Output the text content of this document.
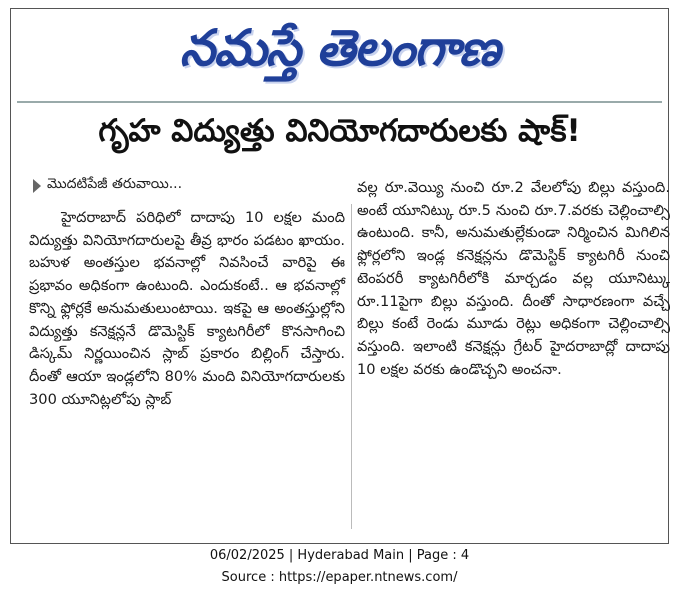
నమస్తే తెలంగాణ
గృహ విద్యుత్తు వినియోగదారులకు షాక్!
మొదటిపేజీ తరువాయి...

హైదరాబాద్ పరిధిలో దాదాపు 10 లక్షల మంది విద్యుత్తు వినియోగదారులపై తీవ్ర భారం పడటం ఖాయం. బహుళ అంతస్తుల భవనాల్లో నివసించే వారిపై ఈ ప్రభావం అధికంగా ఉంటుంది. ఎందుకంటే.. ఆ భవనాల్లో కొన్ని ఫ్లోర్లకే అనుమతులుంటాయి. ఇకపై ఆ అంతస్తుల్లోని విద్యుత్తు కనెక్షన్లనే డొమెస్టిక్ క్యాటగిరీలో కొనసాగించి డిస్కమ్ నిర్ణయించిన స్లాబ్ ప్రకారం బిల్లింగ్ చేస్తారు. దీంతో ఆయా ఇండ్లలోని 80% మంది వినియోగదారులకు 300 యూనిట్లలోపు స్లాబ్

వల్ల రూ.వెయ్యి నుంచి రూ.2 వేలలోపు బిల్లు వస్తుంది. అంటే యూనిట్కు రూ.5 నుంచి రూ.7.వరకు చెల్లించాల్సి ఉంటుంది. కానీ, అనుమతుల్లేకుండా నిర్మించిన మిగిలిన ఫ్లోర్లలోని ఇండ్ల కనెక్షన్లను డొమెస్టిక్ క్యాటగిరీ నుంచి టెంపరరీ క్యాటగిరీలోకి మార్చడం వల్ల యూనిట్కు రూ.11పైగా బిల్లు వస్తుంది. దీంతో సాధారణంగా వచ్చే బిల్లు కంటే రెండు మూడు రెట్లు అధికంగా చెల్లించాల్సి వస్తుంది. ఇలాంటి కనెక్షన్లు గ్రేటర్ హైదరాబాద్లో దాదాపు 10 లక్షల వరకు ఉండొచ్చని అంచనా.

06/02/2025 | Hyderabad Main | Page : 4
Source : https://epaper.ntnews.com/
